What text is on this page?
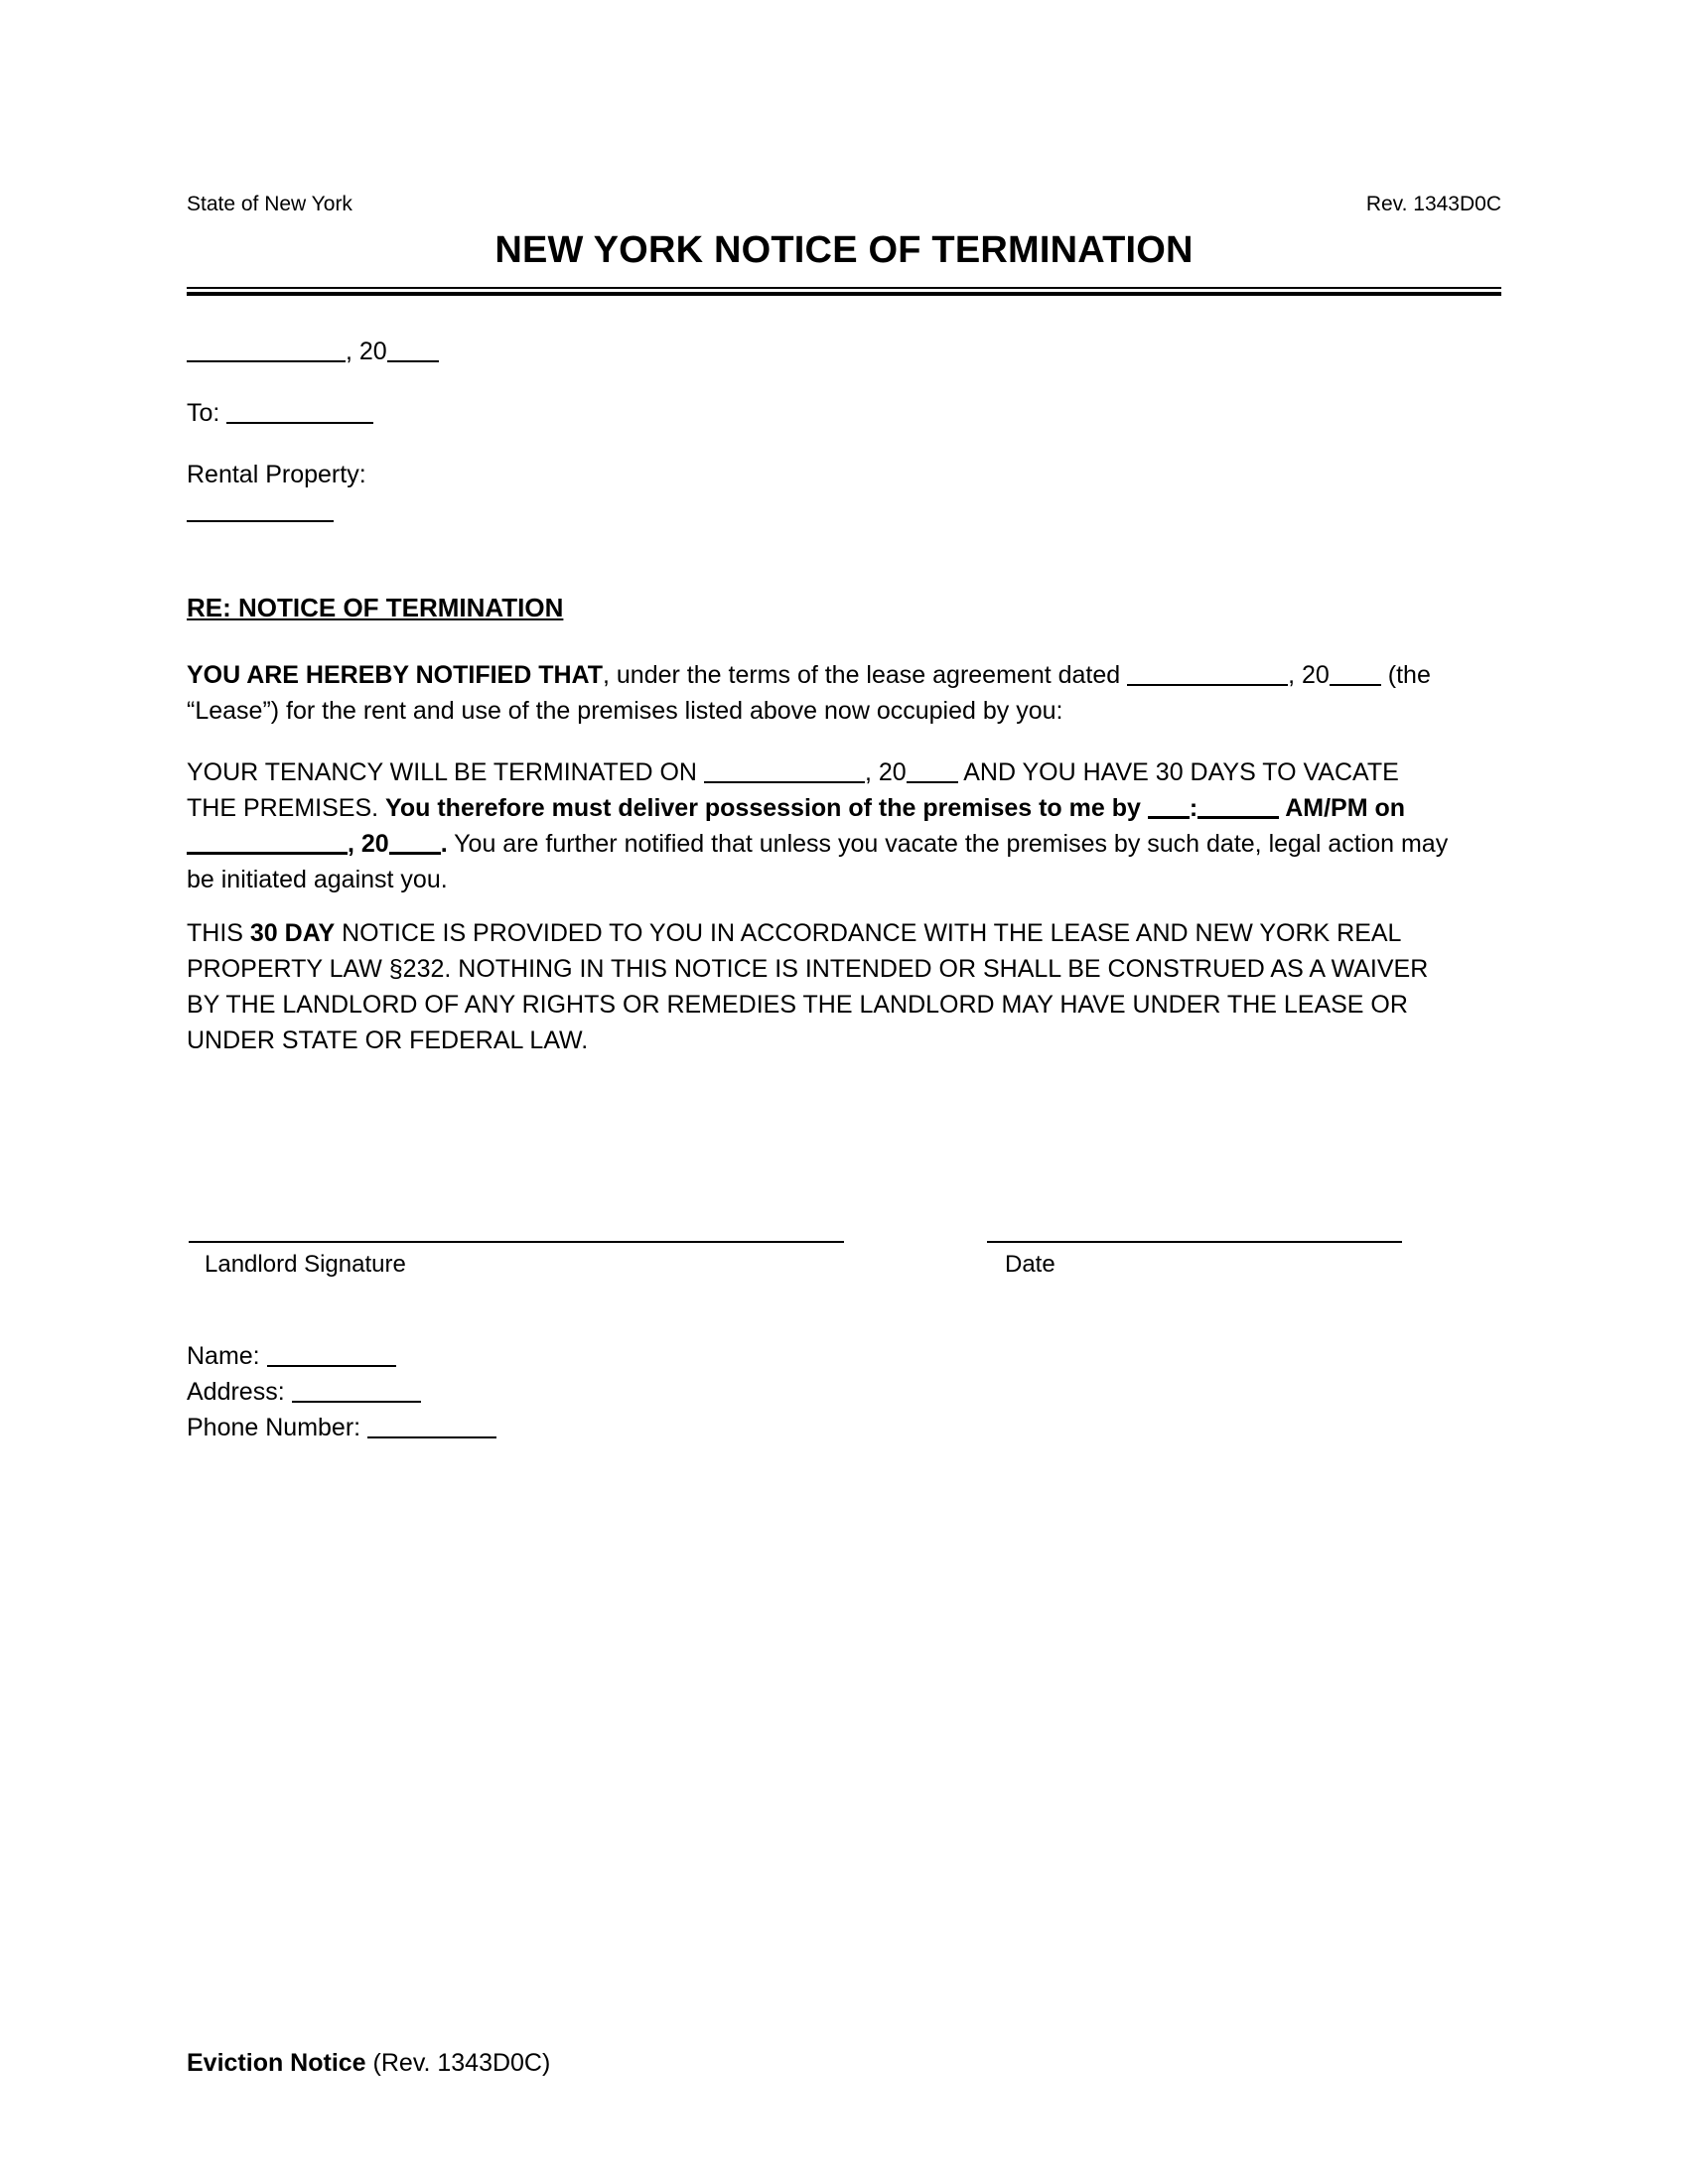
State of New York	Rev. 1343D0C
NEW YORK NOTICE OF TERMINATION
, 20
To:
Rental Property:
RE: NOTICE OF TERMINATION
YOU ARE HEREBY NOTIFIED THAT, under the terms of the lease agreement dated	, 20 (the “Lease”) for the rent and use of the premises listed above now occupied by you:
YOUR TENANCY WILL BE TERMINATED ON	, 20 AND YOU HAVE 30 DAYS TO VACATE THE PREMISES. You therefore must deliver possession of the premises to me by :	AM/PM on , 20 . You are further notified that unless you vacate the premises by such date, legal action may be initiated against you.
THIS 30 DAY NOTICE IS PROVIDED TO YOU IN ACCORDANCE WITH THE LEASE AND NEW YORK REAL PROPERTY LAW §232. NOTHING IN THIS NOTICE IS INTENDED OR SHALL BE CONSTRUED AS A WAIVER BY THE LANDLORD OF ANY RIGHTS OR REMEDIES THE LANDLORD MAY HAVE UNDER THE LEASE OR UNDER STATE OR FEDERAL LAW.
Landlord Signature	Date
Name:
Address:
Phone Number:
Eviction Notice (Rev. 1343D0C)
